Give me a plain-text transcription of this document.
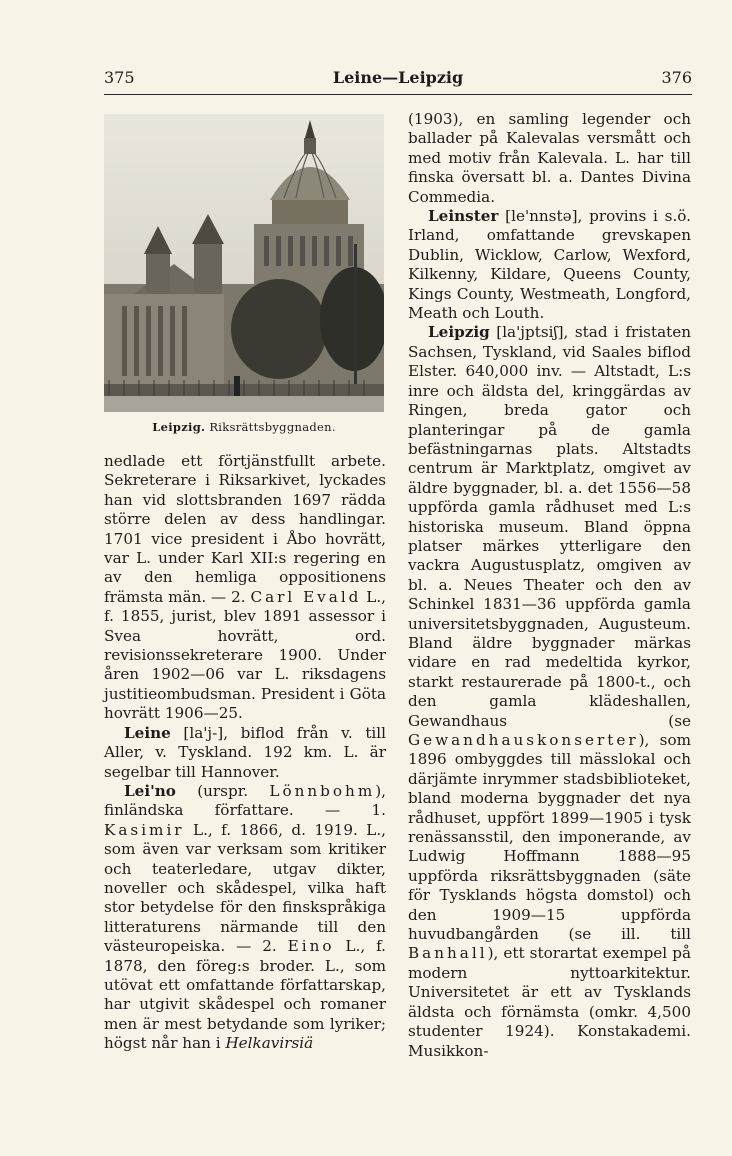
375	Leine—Leipzig	376
Leipzig. Riksrättsbyggnaden.

nedlade ett förtjänstfullt arbete. Sekreterare i Riksarkivet, lyckades han vid slottsbranden 1697 rädda större delen av dess handlingar. 1701 vice president i Åbo hovrätt, var L. under Karl XII:s regering en av den hemliga oppositionens främsta män. — 2. Carl Evald L., f. 1855, jurist, blev 1891 assessor i Svea hovrätt, ord. revisionssekreterare 1900. Under åren 1902—06 var L. riksdagens justitieombudsman. President i Göta hovrätt 1906—25.

Leine [la'j-], biflod från v. till Aller, v. Tyskland. 192 km. L. är segelbar till Hannover.

Lei'no (urspr. Lönnbohm), finländska författare. — 1. Kasimir L., f. 1866, d. 1919. L., som även var verksam som kritiker och teaterledare, utgav dikter, noveller och skådespel, vilka haft stor betydelse för den finskspråkiga litteraturens närmande till den västeuropeiska. — 2. Eino L., f. 1878, den föreg:s broder. L., som utövat ett omfattande författarskap, har utgivit skådespel och romaner men är mest betydande som lyriker; högst når han i Helkavirsiä

(1903), en samling legender och ballader på Kalevalas versmått och med motiv från Kalevala. L. har till finska översatt bl. a. Dantes Divina Commedia.

Leinster [le'nnstə], provins i s.ö. Irland, omfattande grevskapen Dublin, Wicklow, Carlow, Wexford, Kilkenny, Kildare, Queens County, Kings County, Westmeath, Longford, Meath och Louth.

Leipzig [la'jptsiʃ], stad i fristaten Sachsen, Tyskland, vid Saales biflod Elster. 640,000 inv. — Altstadt, L:s inre och äldsta del, kringgärdas av Ringen, breda gator och planteringar på de gamla befästningarnas plats. Altstadts centrum är Marktplatz, omgivet av äldre byggnader, bl. a. det 1556—58 uppförda gamla rådhuset med L:s historiska museum. Bland öppna platser märkes ytterligare den vackra Augustusplatz, omgiven av bl. a. Neues Theater och den av Schinkel 1831—36 uppförda gamla universitetsbyggnaden, Augusteum. Bland äldre byggnader märkas vidare en rad medeltida kyrkor, starkt restaurerade på 1800-t., och den gamla klädeshallen, Gewandhaus (se Gewandhauskonserter), som 1896 ombyggdes till mässlokal och därjämte inrymmer stadsbiblioteket, bland moderna byggnader det nya rådhuset, uppfört 1899—1905 i tysk renässansstil, den imponerande, av Ludwig Hoffmann 1888—95 uppförda riksrättsbyggnaden (säte för Tysklands högsta domstol) och den 1909—15 uppförda huvudbangården (se ill. till Banhall), ett storartat exempel på modern nyttoarkitektur. Universitetet är ett av Tysklands äldsta och förnämsta (omkr. 4,500 studenter 1924). Konstakademi. Musikkon-
